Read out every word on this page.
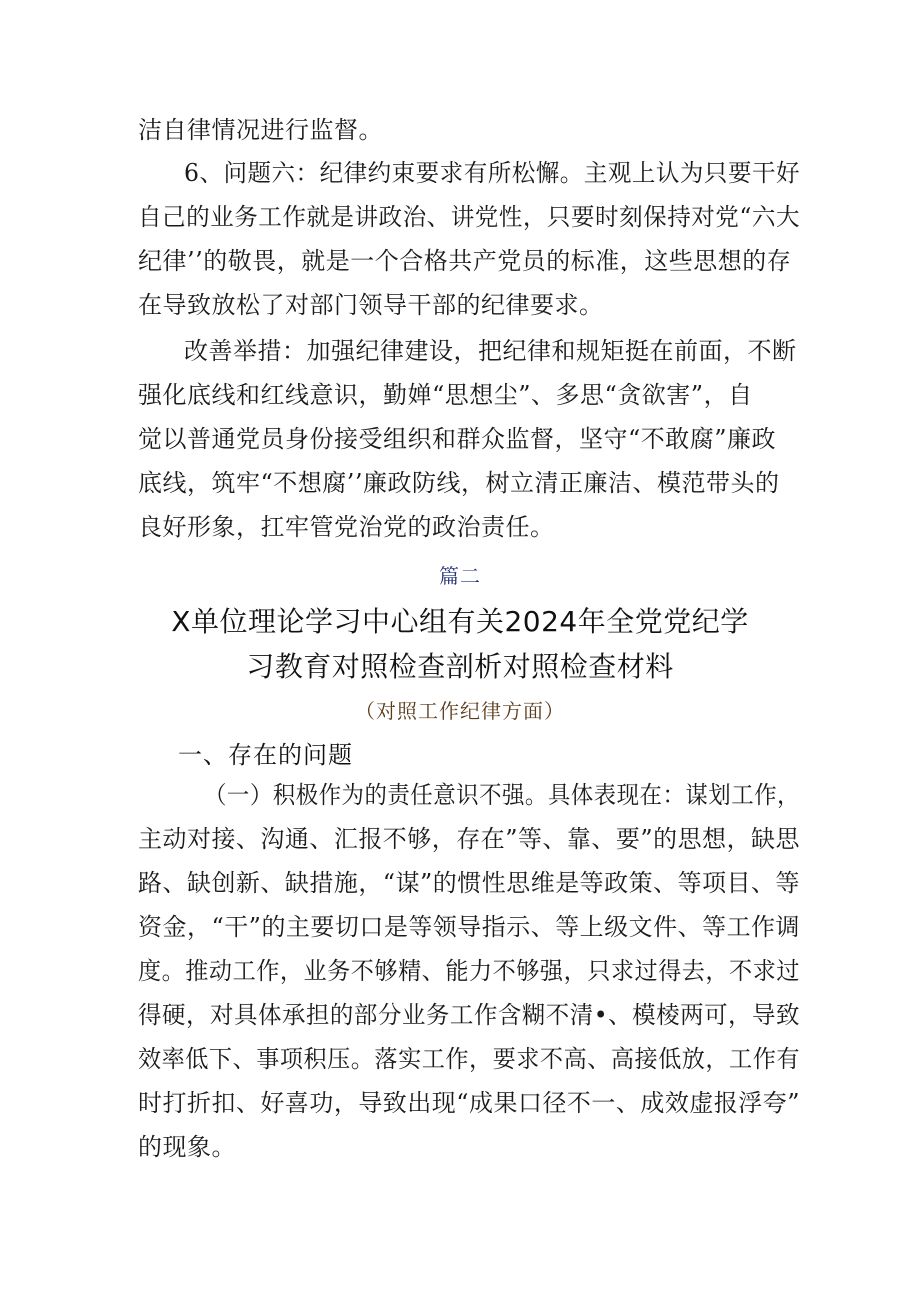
洁自律情况进行监督。
6、问题六：纪律约束要求有所松懈。主观上认为只要干好
自己的业务工作就是讲政治、讲党性，只要时刻保持对党“六大
纪律’’的敬畏，就是一个合格共产党员的标准，这些思想的存
在导致放松了对部门领导干部的纪律要求。
改善举措：加强纪律建设，把纪律和规矩挺在前面，不断
强化底线和红线意识，勤婵“思想尘”、多思“贪欲害”，自
觉以普通党员身份接受组织和群众监督，坚守“不敢腐”廉政
底线，筑牢“不想腐’’廉政防线，树立清正廉洁、模范带头的
良好形象，扛牢管党治党的政治责任。
篇二
X单位理论学习中心组有关2024年全党党纪学
习教育对照检查剖析对照检查材料
（对照工作纪律方面）
一、存在的问题
（一）积极作为的责任意识不强。具体表现在：谋划工作，
主动对接、沟通、汇报不够，存在”等、靠、要”的思想，缺思
路、缺创新、缺措施，“谋”的惯性思维是等政策、等项目、等
资金，“干”的主要切口是等领导指示、等上级文件、等工作调
度。推动工作，业务不够精、能力不够强，只求过得去，不求过
得硬，对具体承担的部分业务工作含糊不清•、模棱两可，导致
效率低下、事项积压。落实工作，要求不高、高接低放，工作有
时打折扣、好喜功，导致出现“成果口径不一、成效虚报浮夸”
的现象。
